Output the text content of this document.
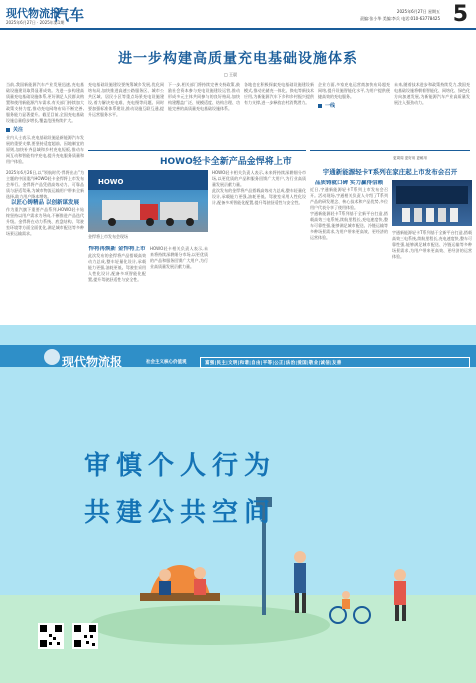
现代物流报
2025年6月27日 · 2025年第1期
汽车	2025年6月27日 星期五
责编:张小华 美编:李兵 电话:010-63778425 5
进一步构建高质量充电基础设施体系
□ 王晨

当前,我国新能源汽车产业发展迅速,充电基础设施建设取得显著成效。为进一步构建高质量充电基础设施体系,更好满足人民群众购置和使用新能源汽车需求,有关部门持续加大政策支持力度,推动充电网络布局不断完善,服务能力显著提升。截至目前,全国充电基础设施总量稳步增长,覆盖范围持续扩大。

关注

业内人士表示,充电基础设施是新能源汽车发展的重要支撑,要坚持适度超前、因地制宜的原则,加快补齐县域和乡村充电短板,推动车网互动和智能有序充电,提升充电服务质量和用户体验。

充电基础设施建设要统筹城乡发展,优化网络布局,加快推进高速公路服务区、城市公共区域、居民小区等重点场景充电设施建设,着力解决充电难、充电慢等问题。同时要加强标准体系建设,推动设施互联互通,提升运营服务水平。

下一步,相关部门将持续完善支持政策,鼓励社会资本参与充电设施建设运营,推动形成多元主体共同参与的良好格局,加快构建覆盖广泛、规模适度、结构合理、功能完善的高质量充电基础设施体系。

各地也在积极探索充电基础设施建设新模式,推动光储充一体化、换电等新技术应用,为新能源汽车下乡和乡村振兴提供有力支撑,进一步释放农村消费潜力。

企业方面,多家充电运营商加快布局超充网络,提升设施智能化水平,为用户提供便捷高效的充电服务。

一线

未来,随着技术进步和政策持续发力,我国充电基础设施将朝着智能化、网络化、绿色化方向加速发展,为新能源汽车产业高质量发展注入强劲动力。

HOWO轻卡全新产品金悍将上市
HOWO

金悍将上市发布会现场

2025年6月26日,以“领航时代·悍将出击”为主题的中国重汽HOWO轻卡金悍将上市发布会举行。金悍将产品凭借高效动力、可靠品质与舒适驾乘,为城市物流运输用户带来全新选择,助力用户降本增效。

以匠心铸精品 以创新谋发展

作为重汽旗下重要产品系列,HOWO轻卡始终坚持以用户需求为导向,不断推进产品迭代升级。金悍将在动力系统、底盘结构、驾驶室环境等方面全面优化,满足城市配送等多种场景运输需求。

悍将再焕新 金悍将上市

此次发布的金悍将产品搭载高效动力总成,整车轻量化设计,承载能力更强,油耗更低。驾驶室采用人性化设计,配备多项智能化配置,提升驾驶舒适性与安全性。

HOWO轻卡相关负责人表示,未来将持续深耕细分市场,以更优质的产品和服务回馈广大用户,为行业高质量发展贡献力量。

HOWO轻卡相关负责人表示,未来将持续深耕细分市场,以更优质的产品和服务回馈广大用户,为行业高质量发展贡献力量。

此次发布的金悍将产品搭载高效动力总成,整车轻量化设计,承载能力更强,油耗更低。驾驶室采用人性化设计,配备多项智能化配置,提升驾驶舒适性与安全性。

更周周 更好用 更耐用
宇通新能源轻卡T系列在家庄起上市发布会召开

品质铸就口碑 实力赢得信赖

近日,宇通新能源轻卡T系列上市发布会召开。活动现场,宇通相关负责人介绍了T系列产品的研发理念、核心技术和产品优势,多位用户代表分享了使用体验。

宇通新能源轻卡T系列基于全新平台打造,搭载高效三电系统,续航里程长,充电速度快,整车可靠性强,能够满足城市配送、冷链运输等多种场景需求,为用户带来更高效、更经济的运营体验。

宇通新能源轻卡T系列基于全新平台打造,搭载高效三电系统,续航里程长,充电速度快,整车可靠性强,能够满足城市配送、冷链运输等多种场景需求,为用户带来更高效、更经济的运营体验。

现代物流报	社会主义核心价值观	富强|民主|文明|和谐|自由|平等|公正|法治|爱国|敬业|诚信|友善
审慎个人行为
共建公共空间
